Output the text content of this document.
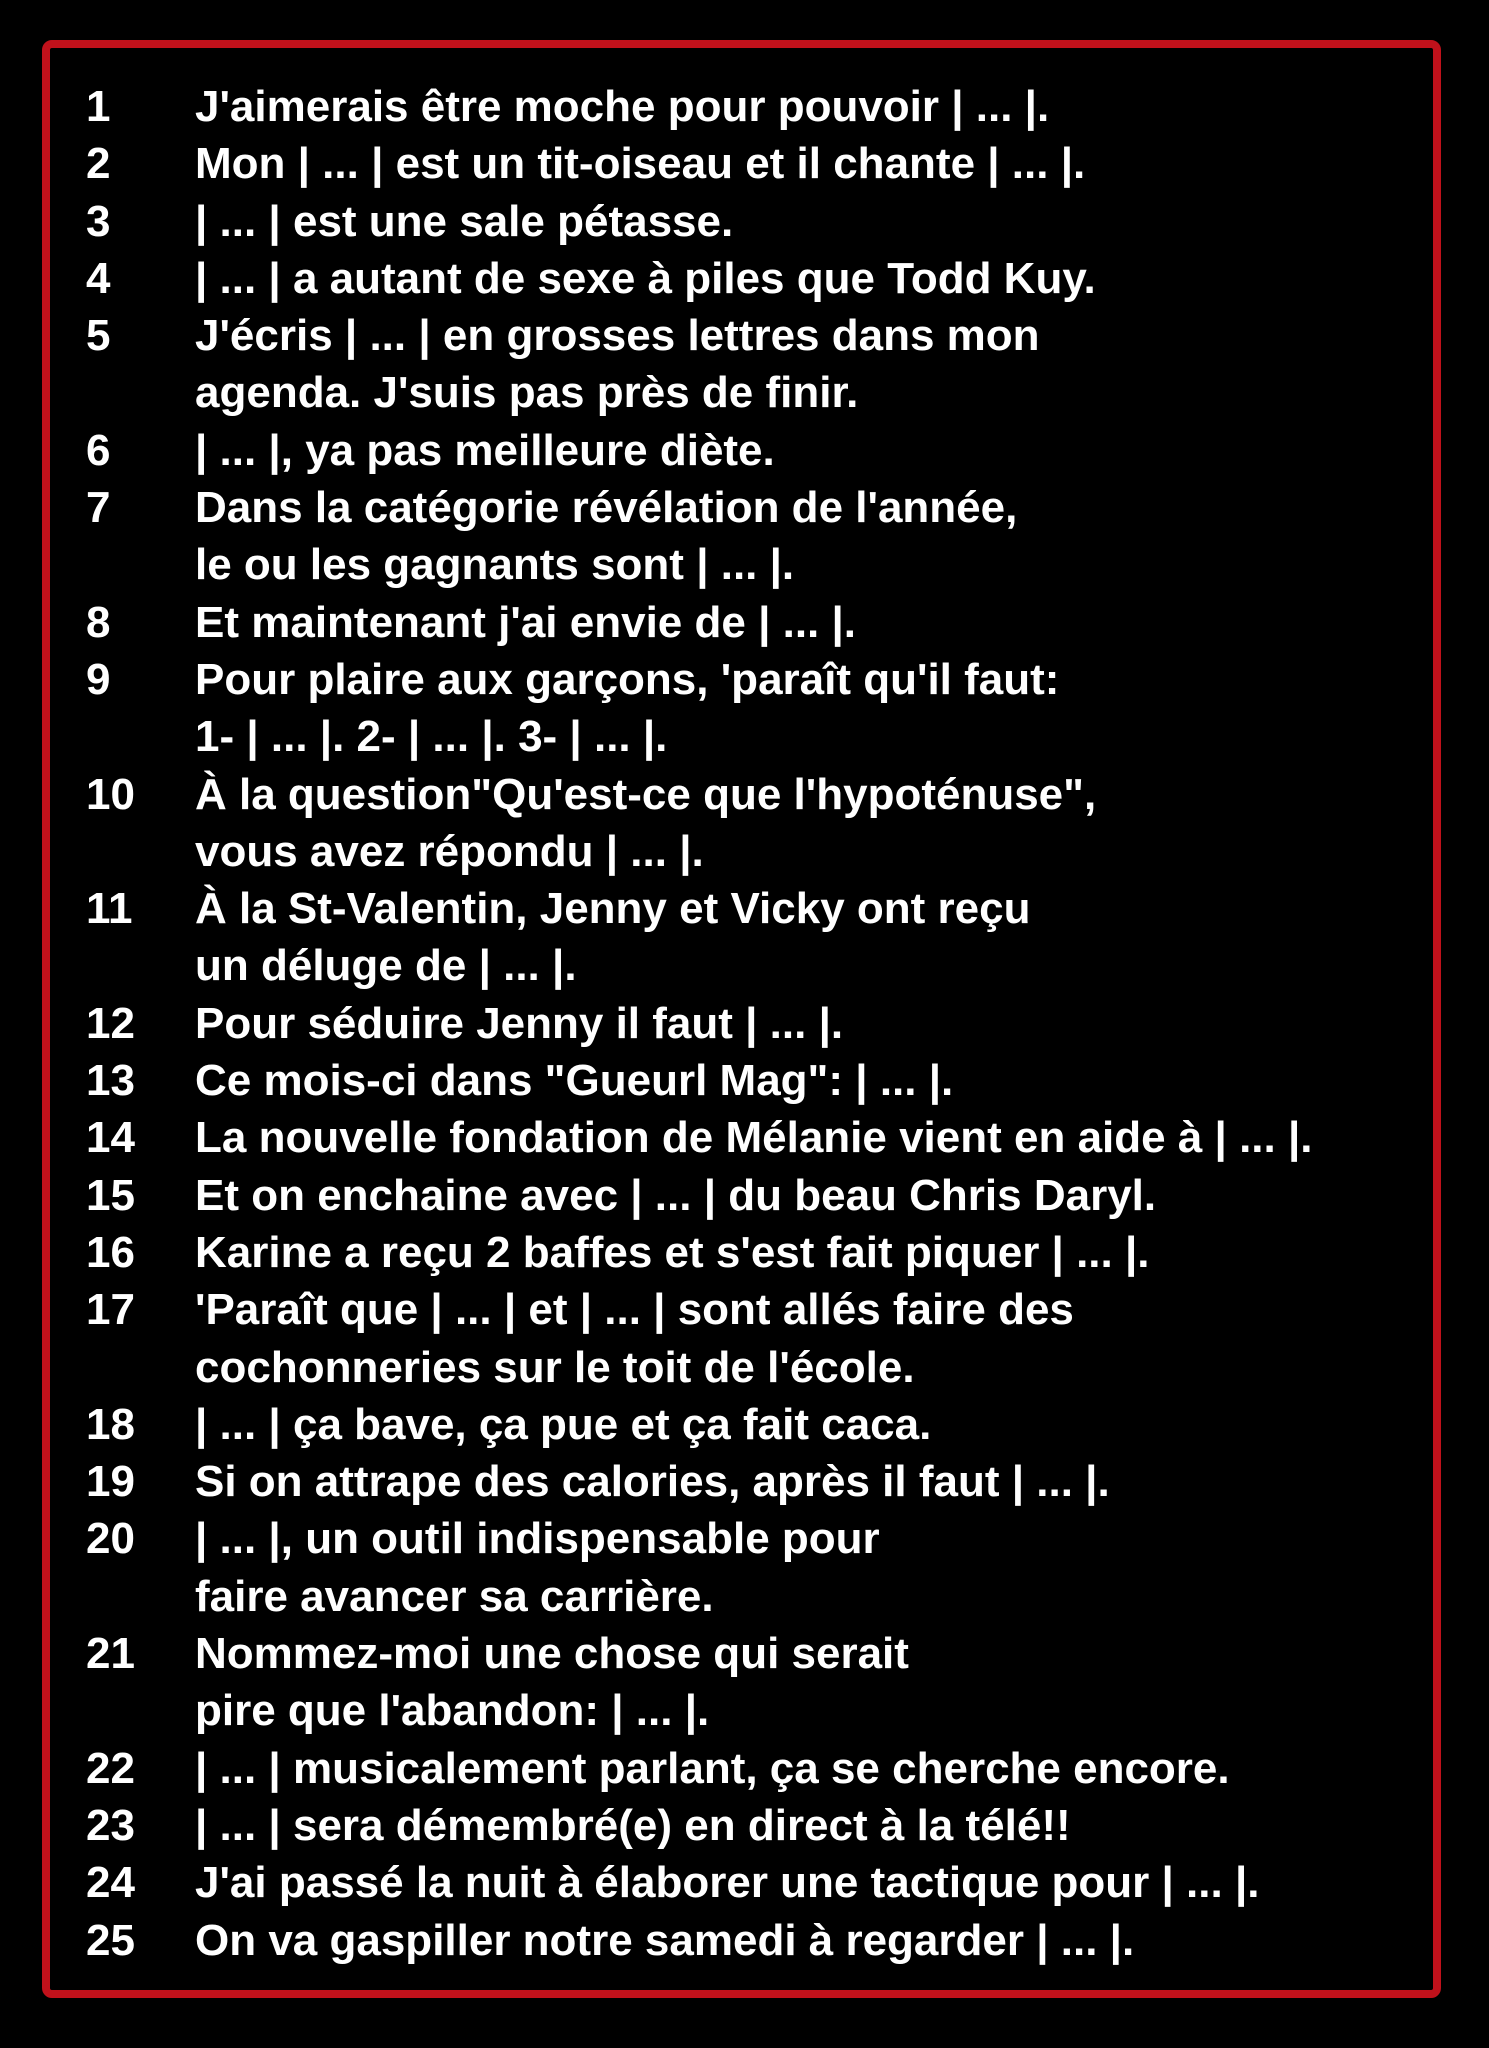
1	J'aimerais être moche pour pouvoir | ... |.
2	Mon | ... | est un tit-oiseau et il chante | ... |.
3	| ... | est une sale pétasse.
4	| ... | a autant de sexe à piles que Todd Kuy.
5	J'écris | ... | en grosses lettres dans mon
agenda. J'suis pas près de finir.
6	| ... |, ya pas meilleure diète.
7	Dans la catégorie révélation de l'année,
le ou les gagnants sont | ... |.
8	Et maintenant j'ai envie de | ... |.
9	Pour plaire aux garçons, 'paraît qu'il faut:
1- | ... |. 2- | ... |. 3- | ... |.
10	À la question"Qu'est-ce que l'hypoténuse",
vous avez répondu | ... |.
11	À la St-Valentin, Jenny et Vicky ont reçu
un déluge de | ... |.
12	Pour séduire Jenny il faut | ... |.
13	Ce mois-ci dans "Gueurl Mag": | ... |.
14	La nouvelle fondation de Mélanie vient en aide à | ... |.
15	Et on enchaine avec | ... | du beau Chris Daryl.
16	Karine a reçu 2 baffes et s'est fait piquer | ... |.
17	'Paraît que | ... | et | ... | sont allés faire des
cochonneries sur le toit de l'école.
18	| ... | ça bave, ça pue et ça fait caca.
19	Si on attrape des calories, après il faut | ... |.
20	| ... |, un outil indispensable pour
faire avancer sa carrière.
21	Nommez-moi une chose qui serait
pire que l'abandon: | ... |.
22	| ... | musicalement parlant, ça se cherche encore.
23	| ... | sera démembré(e) en direct à la télé!!
24	J'ai passé la nuit à élaborer une tactique pour | ... |.
25	On va gaspiller notre samedi à regarder | ... |.
